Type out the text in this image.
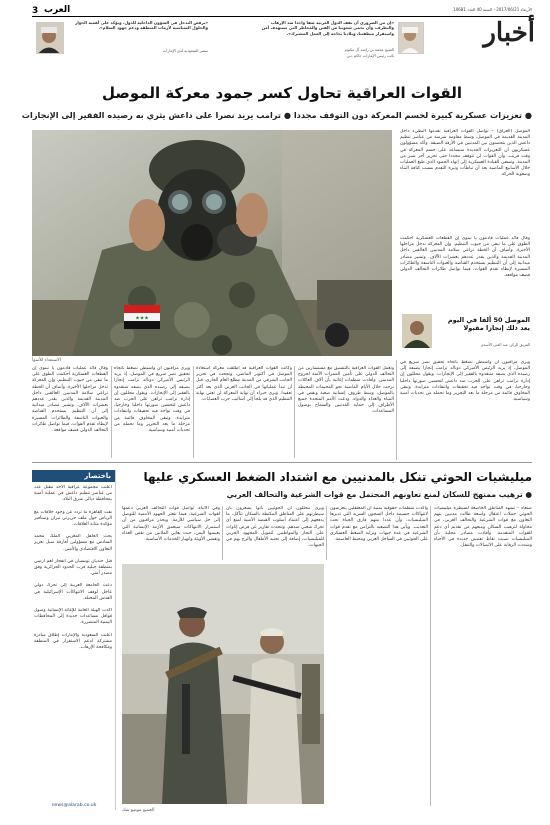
3 العرب	الأربعاء 2017/06/21 - السنة 40 العدد 10681
أخبار
«إن من الضروري أن تقف الدول العربية صفا واحدا ضد الإرهاب والتطرف، وأن نحمي شعوبنا من الفتن والمخاطر التي تستهدف أمن واستقرار منطقتنا، وبلادنا بحاجة إلى العمل المشترك».
الشيخ محمد بن راشد آل مكتوم
نائب رئيس الإمارات حاكم دبي
«نرفض التدخل في الشؤون الداخلية للدول، ونؤكد على أهمية الحوار والحلول السياسية لأزمات المنطقة ودعم جهود السلام».
سفير السعودية لدى الإمارات
القوات العراقية تحاول كسر جمود معركة الموصل
● تعزيزات عسكرية كبيرة لحسم المعركة دون التوقف مجددا ● ترامب يريد نصرا على داعش يثري به رصيده الفقير إلى الإنجازات
الموصل (العراق) – تواصل القوات العراقية تقدمها البطيء داخل المدينة القديمة في الموصل، وسط مقاومة شرسة من عناصر تنظيم داعش الذين يتحصنون بين المدنيين في الأزقة الضيقة. وأكد مسؤولون عسكريون أن التعزيزات الجديدة ستساعد على حسم المعركة في وقت قريب، وأن القوات لن تتوقف مجددا حتى تحرير آخر شبر من المدينة. وتسعى القيادة العسكرية إلى إنهاء الجمود الذي طبع العمليات خلال الأسابيع الماضية بعد أن تباطأت وتيرة التقدم بسبب كثافة البناء وصعوبة الحركة.
★★★
وقال قائد عمليات قادمون يا نينوى إن القطعات العسكرية أحكمت الطوق على ما تبقى من جيوب التنظيم، وإن المعركة تدخل مراحلها الأخيرة. وأضاف أن الخطة تراعي سلامة المدنيين العالقين داخل المدينة القديمة والذين يقدر عددهم بعشرات الآلاف. وتشير مصادر ميدانية إلى أن التنظيم يستخدم القناصة والعبوات الناسفة والطائرات المسيرة لإبطاء تقدم القوات، فيما تواصل طائرات التحالف الدولي قصف مواقعه.
الموصل 50 ألفا في اليوم يعد ذلك إنجازا مقبولا
الفريق الركن عبد الغني الأسدي
الاستعداد للأسوأ	ويرى مراقبون أن واشنطن تضغط باتجاه تحقيق نصر سريع في الموصل، إذ يريد الرئيس الأميركي دونالد ترامب إنجازا يضيفه إلى رصيده الذي يصفه منتقدوه بالفقير إلى الإنجازات. ويقول محللون إن إدارة ترامب تراهن على الحرب ضد داعش لتحسين صورتها داخليا وخارجيا، في وقت تواجه فيه تحقيقات وانتقادات متزايدة. وتبقى المخاوف قائمة من مرحلة ما بعد التحرير وما تحمله من تحديات أمنية وسياسية.
وتعمل القوات العراقية بالتنسيق مع مستشارين من التحالف الدولي على تأمين الممرات الآمنة لخروج المدنيين. وأفادت منظمات إغاثية بأن آلاف العائلات نزحت خلال الأيام الماضية نحو المخيمات المحيطة بالموصل، وسط ظروف إنسانية صعبة ونقص في المياه والغذاء والدواء. ودعت الأمم المتحدة جميع الأطراف إلى حماية المدنيين والسماح بوصول المساعدات.
وكانت القوات العراقية قد أطلقت معركة استعادة الموصل في أكتوبر الماضي، ونجحت في تحرير الجانب الشرقي من المدينة مطلع العام الجاري، قبل أن تبدأ عملياتها في الجانب الغربي الذي يعد أكثر تعقيدا. ويرى خبراء أن نهاية المعركة لن تعني نهاية التنظيم الذي قد يلجأ إلى أساليب حرب العصابات.
ويرى مراقبون أن واشنطن تضغط باتجاه تحقيق نصر سريع في الموصل، إذ يريد الرئيس الأميركي دونالد ترامب إنجازا يضيفه إلى رصيده الذي يصفه منتقدوه بالفقير إلى الإنجازات. ويقول محللون إن إدارة ترامب تراهن على الحرب ضد داعش لتحسين صورتها داخليا وخارجيا، في وقت تواجه فيه تحقيقات وانتقادات متزايدة. وتبقى المخاوف قائمة من مرحلة ما بعد التحرير وما تحمله من تحديات أمنية وسياسية.
وقال قائد عمليات قادمون يا نينوى إن القطعات العسكرية أحكمت الطوق على ما تبقى من جيوب التنظيم، وإن المعركة تدخل مراحلها الأخيرة. وأضاف أن الخطة تراعي سلامة المدنيين العالقين داخل المدينة القديمة والذين يقدر عددهم بعشرات الآلاف. وتشير مصادر ميدانية إلى أن التنظيم يستخدم القناصة والعبوات الناسفة والطائرات المسيرة لإبطاء تقدم القوات، فيما تواصل طائرات التحالف الدولي قصف مواقعه.
ميليشيات الحوثي تنكل بالمدنيين مع اشتداد الضغط العسكري عليها
● ترهيب ممنهج للسكان لمنع تعاونهم المحتمل مع قوات الشرعية والتحالف العربي
صنعاء – تشهد المناطق الخاضعة لسيطرة ميليشيات الحوثي حملات اعتقال واسعة طالت مدنيين بتهم التعاون مع قوات الشرعية والتحالف العربي، في محاولة لترهيب السكان ومنعهم من تقديم أي دعم للقوات المتقدمة. وأفادت مصادر محلية بأن الميليشيات نصبت نقاط تفتيش جديدة في الأحياء وشددت الرقابة على الاتصالات والتنقل.
وأكدت منظمات حقوقية يمنية أن المعتقلين يتعرضون لانتهاكات جسيمة داخل السجون السرية التي تديرها الميليشيات، وأن عددا منهم فارق الحياة تحت التعذيب. ويأتي هذا التصعيد بالتزامن مع تقدم قوات الشرعية في عدة جبهات وتزايد الضغط العسكري على الحوثيين في الساحل الغربي ومحيط العاصمة.
ويرى محللون أن الحوثيين باتوا يشعرون بأن سيطرتهم على المناطق المكتظة بالسكان تتآكل، ما يدفعهم إلى اعتماد أسلوب القبضة الأمنية لمنع أي تحرك شعبي ضدهم. وتتحدث تقارير عن فرض إتاوات على التجار والمواطنين لتمويل المجهود الحربي للميليشيات، إضافة إلى تجنيد الأطفال والزج بهم في الجبهات.
وفي الأثناء، تواصل قوات التحالف العربي دعمها لقوات الشرعية، فيما تتعثر الجهود الأممية للتوصل إلى حل سياسي للأزمة. ويحذر مراقبون من أن استمرار الانتهاكات سيعمق الأزمة الإنسانية التي يعيشها اليمن، حيث يعاني الملايين من نقص الغذاء وتفشي الأوبئة وانهيار الخدمات الأساسية.
الجميع موضع شك
باختصار
أعلنت مجموعة عراقية الأحد مقتل عدد من عناصر تنظيم داعش في عملية أمنية بمحافظة ديالى شرق البلاد.
نفت القاهرة ما تردد عن وجود خلافات مع الرياض حول ملف جزيرتي تيران وصنافير مؤكدة متانة العلاقات.
بحث العاهل المغربي الملك محمد السادس مع مسؤولين أفارقة سبل تعزيز التعاون الاقتصادي والأمني.
قتل جنديان تونسيان في انفجار لغم أرضي بمنطقة جبلية قرب الحدود الجزائرية وفق مصدر أمني.
دعت الجامعة العربية إلى تحرك دولي عاجل لوقف الانتهاكات الإسرائيلية في القدس المحتلة.
أكدت الهيئة العامة للإغاثة الإنسانية وصول قوافل مساعدات جديدة إلى المحافظات اليمنية المتضررة.
أعلنت السعودية والإمارات إطلاق مبادرة مشتركة لدعم الاستقرار في المنطقة ومكافحة الإرهاب.
news@alarab.co.uk
